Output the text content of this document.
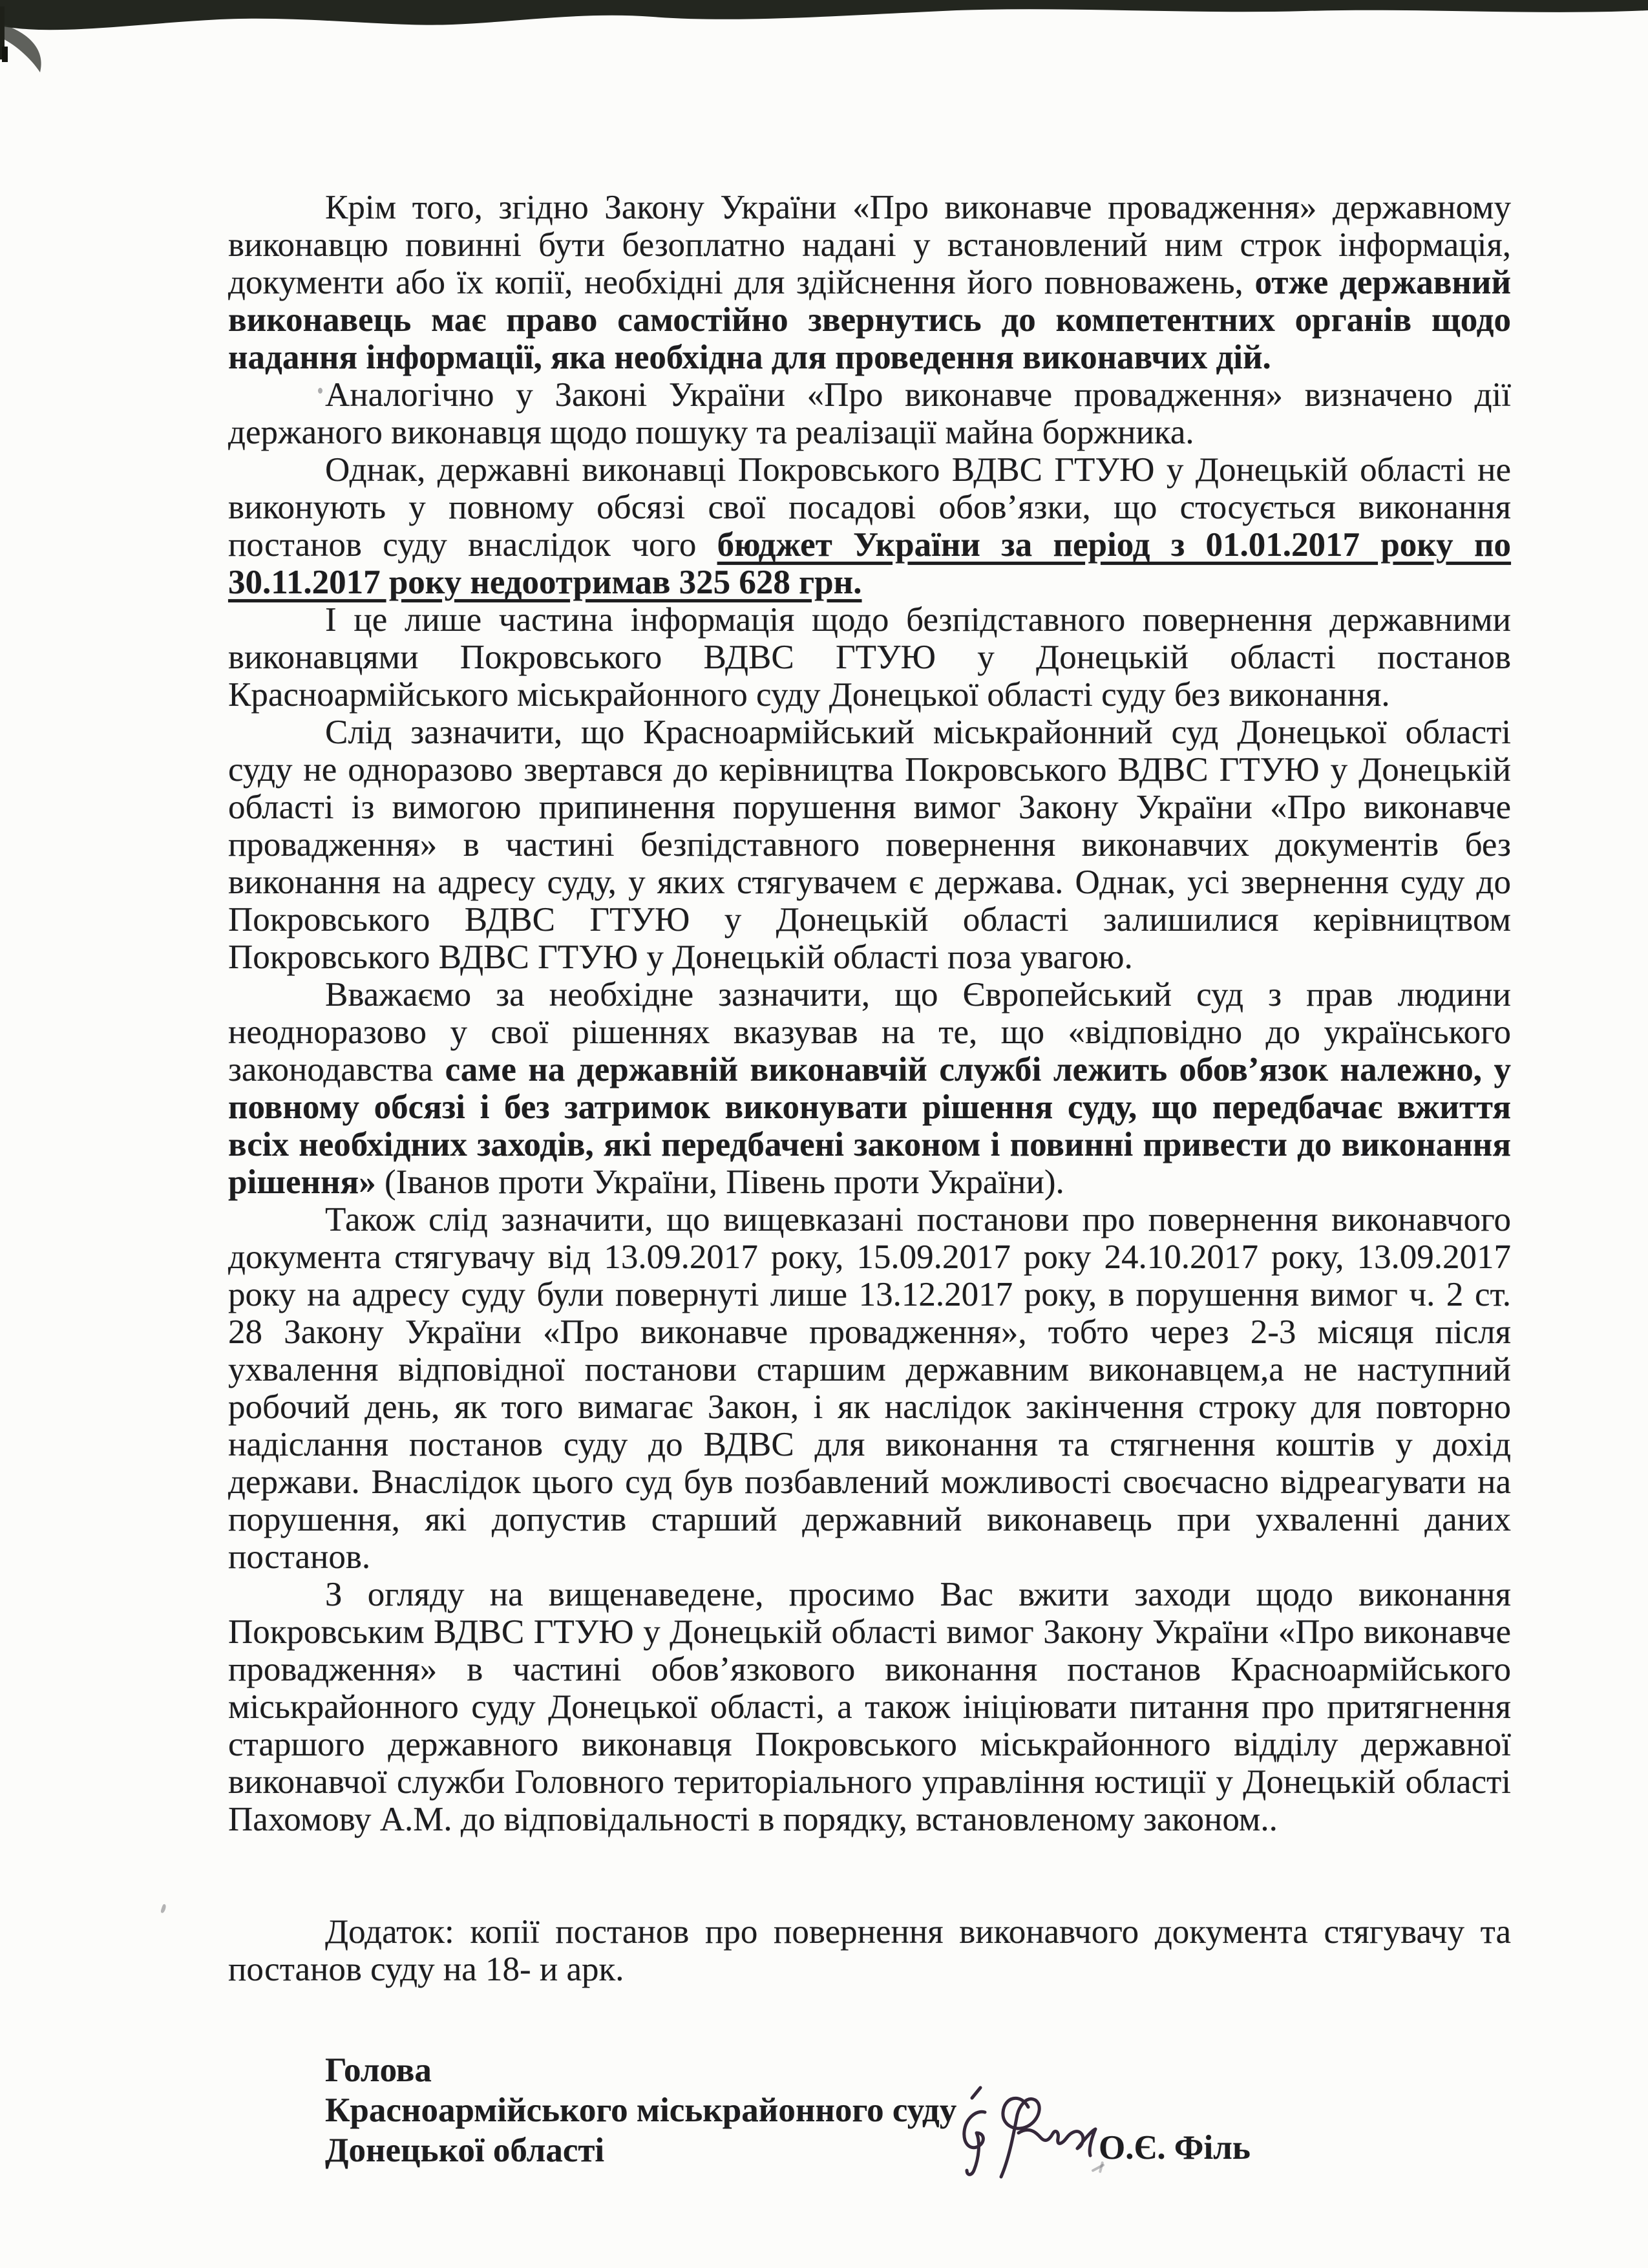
Крім того, згідно Закону України «Про виконавче провадження» державному виконавцю повинні бути безоплатно надані у встановлений ним строк інформація, документи або їх копії, необхідні для здійснення його повноважень, отже державний виконавець має право самостійно звернутись до компетентних органів щодо надання інформації, яка необхідна для проведення виконавчих дій.

Аналогічно у Законі України «Про виконавче провадження» визначено дії держаного виконавця щодо пошуку та реалізації майна боржника.

Однак, державні виконавці Покровського ВДВС ГТУЮ у Донецькій області не виконують у повному обсязі свої посадові обов’язки, що стосується виконання постанов суду внаслідок чого бюджет України за період з 01.01.2017 року по 30.11.2017 року недоотримав 325 628 грн.

І це лише частина інформація щодо безпідставного повернення державними виконавцями Покровського ВДВС ГТУЮ у Донецькій області постанов Красноармійського міськрайонного суду Донецької області суду без виконання.

Слід зазначити, що Красноармійський міськрайонний суд Донецької області суду не одноразово звертався до керівництва Покровського ВДВС ГТУЮ у Донецькій області із вимогою припинення порушення вимог Закону України «Про виконавче провадження» в частині безпідставного повернення виконавчих документів без виконання на адресу суду, у яких стягувачем є держава. Однак, усі звернення суду до Покровського ВДВС ГТУЮ у Донецькій області залишилися керівництвом Покровського ВДВС ГТУЮ у Донецькій області поза увагою.

Вважаємо за необхідне зазначити, що Європейський суд з прав людини неодноразово у свої рішеннях вказував на те, що «відповідно до українського законодавства саме на державній виконавчій службі лежить обов’язок належно, у повному обсязі і без затримок виконувати рішення суду, що передбачає вжиття всіх необхідних заходів, які передбачені законом і повинні привести до виконання рішення» (Іванов проти України, Півень проти України).

Також слід зазначити, що вищевказані постанови про повернення виконавчого документа стягувачу від 13.09.2017 року, 15.09.2017 року 24.10.2017 року, 13.09.2017 року на адресу суду були повернуті лише 13.12.2017 року, в порушення вимог ч. 2 ст. 28 Закону України «Про виконавче провадження», тобто через 2-3 місяця після ухвалення відповідної постанови старшим державним виконавцем,а не наступний робочий день, як того вимагає Закон, і як наслідок закінчення строку для повторно надіслання постанов суду до ВДВС для виконання та стягнення коштів у дохід держави. Внаслідок цього суд був позбавлений можливості своєчасно відреагувати на порушення, які допустив старший державний виконавець при ухваленні даних постанов.

З огляду на вищенаведене, просимо Вас вжити заходи щодо виконання Покровським ВДВС ГТУЮ у Донецькій області вимог Закону України «Про виконавче провадження» в частині обов’язкового виконання постанов Красноармійського міськрайонного суду Донецької області, а також ініціювати питання про притягнення старшого державного виконавця Покровського міськрайонного відділу державної виконавчої служби Головного територіального управління юстиції у Донецькій області Пахомову А.М. до відповідальності в порядку, встановленому законом..

Додаток: копії постанов про повернення виконавчого документа стягувачу та постанов суду на 18- и арк.

Голова
Красноармійського міськрайонного суду
Донецької області	О.Є. Філь
